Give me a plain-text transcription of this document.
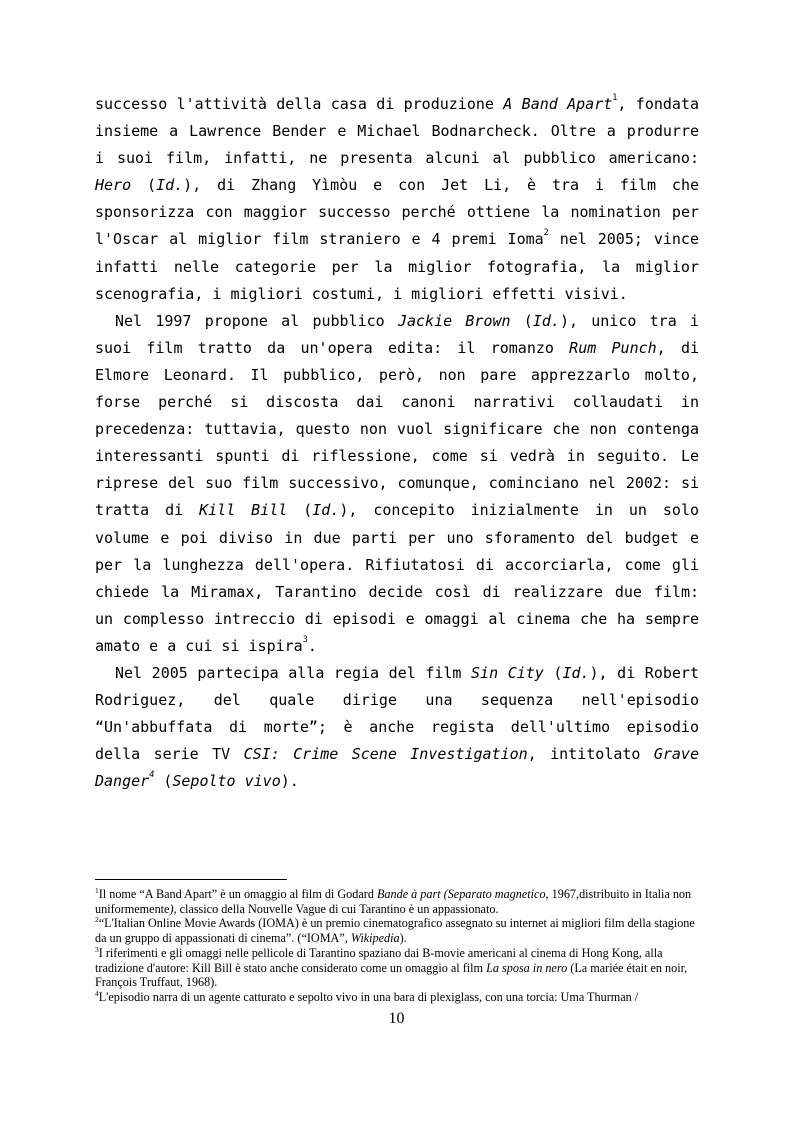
successo l'attività della casa di produzione A Band Apart$^1$, fondata insieme a Lawrence Bender e Michael Bodnarcheck. Oltre a produrre i suoi film, infatti, ne presenta alcuni al pubblico americano: Hero (Id.), di Zhang Yìmòu e con Jet Li, è tra i film che sponsorizza con maggior successo perché ottiene la nomination per l'Oscar al miglior film straniero e 4 premi Ioma$^2$ nel 2005; vince infatti nelle categorie per la miglior fotografia, la miglior scenografia, i migliori costumi, i migliori effetti visivi.

Nel 1997 propone al pubblico Jackie Brown (Id.), unico tra i suoi film tratto da un'opera edita: il romanzo Rum Punch, di Elmore Leonard. Il pubblico, però, non pare apprezzarlo molto, forse perché si discosta dai canoni narrativi collaudati in precedenza: tuttavia, questo non vuol significare che non contenga interessanti spunti di riflessione, come si vedrà in seguito. Le riprese del suo film successivo, comunque, cominciano nel 2002: si tratta di Kill Bill (Id.), concepito inizialmente in un solo volume e poi diviso in due parti per uno sforamento del budget e per la lunghezza dell'opera. Rifiutatosi di accorciarla, come gli chiede la Miramax, Tarantino decide così di realizzare due film: un complesso intreccio di episodi e omaggi al cinema che ha sempre amato e a cui si ispira$^3$.

Nel 2005 partecipa alla regia del film Sin City (Id.), di Robert Rodriguez, del quale dirige una sequenza nell'episodio “Un'abbuffata di morte”; è anche regista dell'ultimo episodio della serie TV CSI: Crime Scene Investigation, intitolato Grave Danger$^4$ (Sepolto vivo).

$^1$Il nome “A Band Apart” è un omaggio al film di Godard Bande à part (Separato magnetico, 1967,distribuito in Italia non uniformemente), classico della Nouvelle Vague di cui Tarantino è un appassionato.

$^2$“L'Italian Online Movie Awards (IOMA) è un premio cinematografico assegnato su internet ai migliori film della stagione da un gruppo di appassionati di cinema”. (“IOMA”, Wikipedia).

$^3$I riferimenti e gli omaggi nelle pellicole di Tarantino spaziano dai B-movie americani al cinema di Hong Kong, alla tradizione d'autore: Kill Bill è stato anche considerato come un omaggio al film La sposa in nero (La mariée était en noir, François Truffaut, 1968).

$^4$L'episodio narra di un agente catturato e sepolto vivo in una bara di plexiglass, con una torcia: Uma Thurman /

10
